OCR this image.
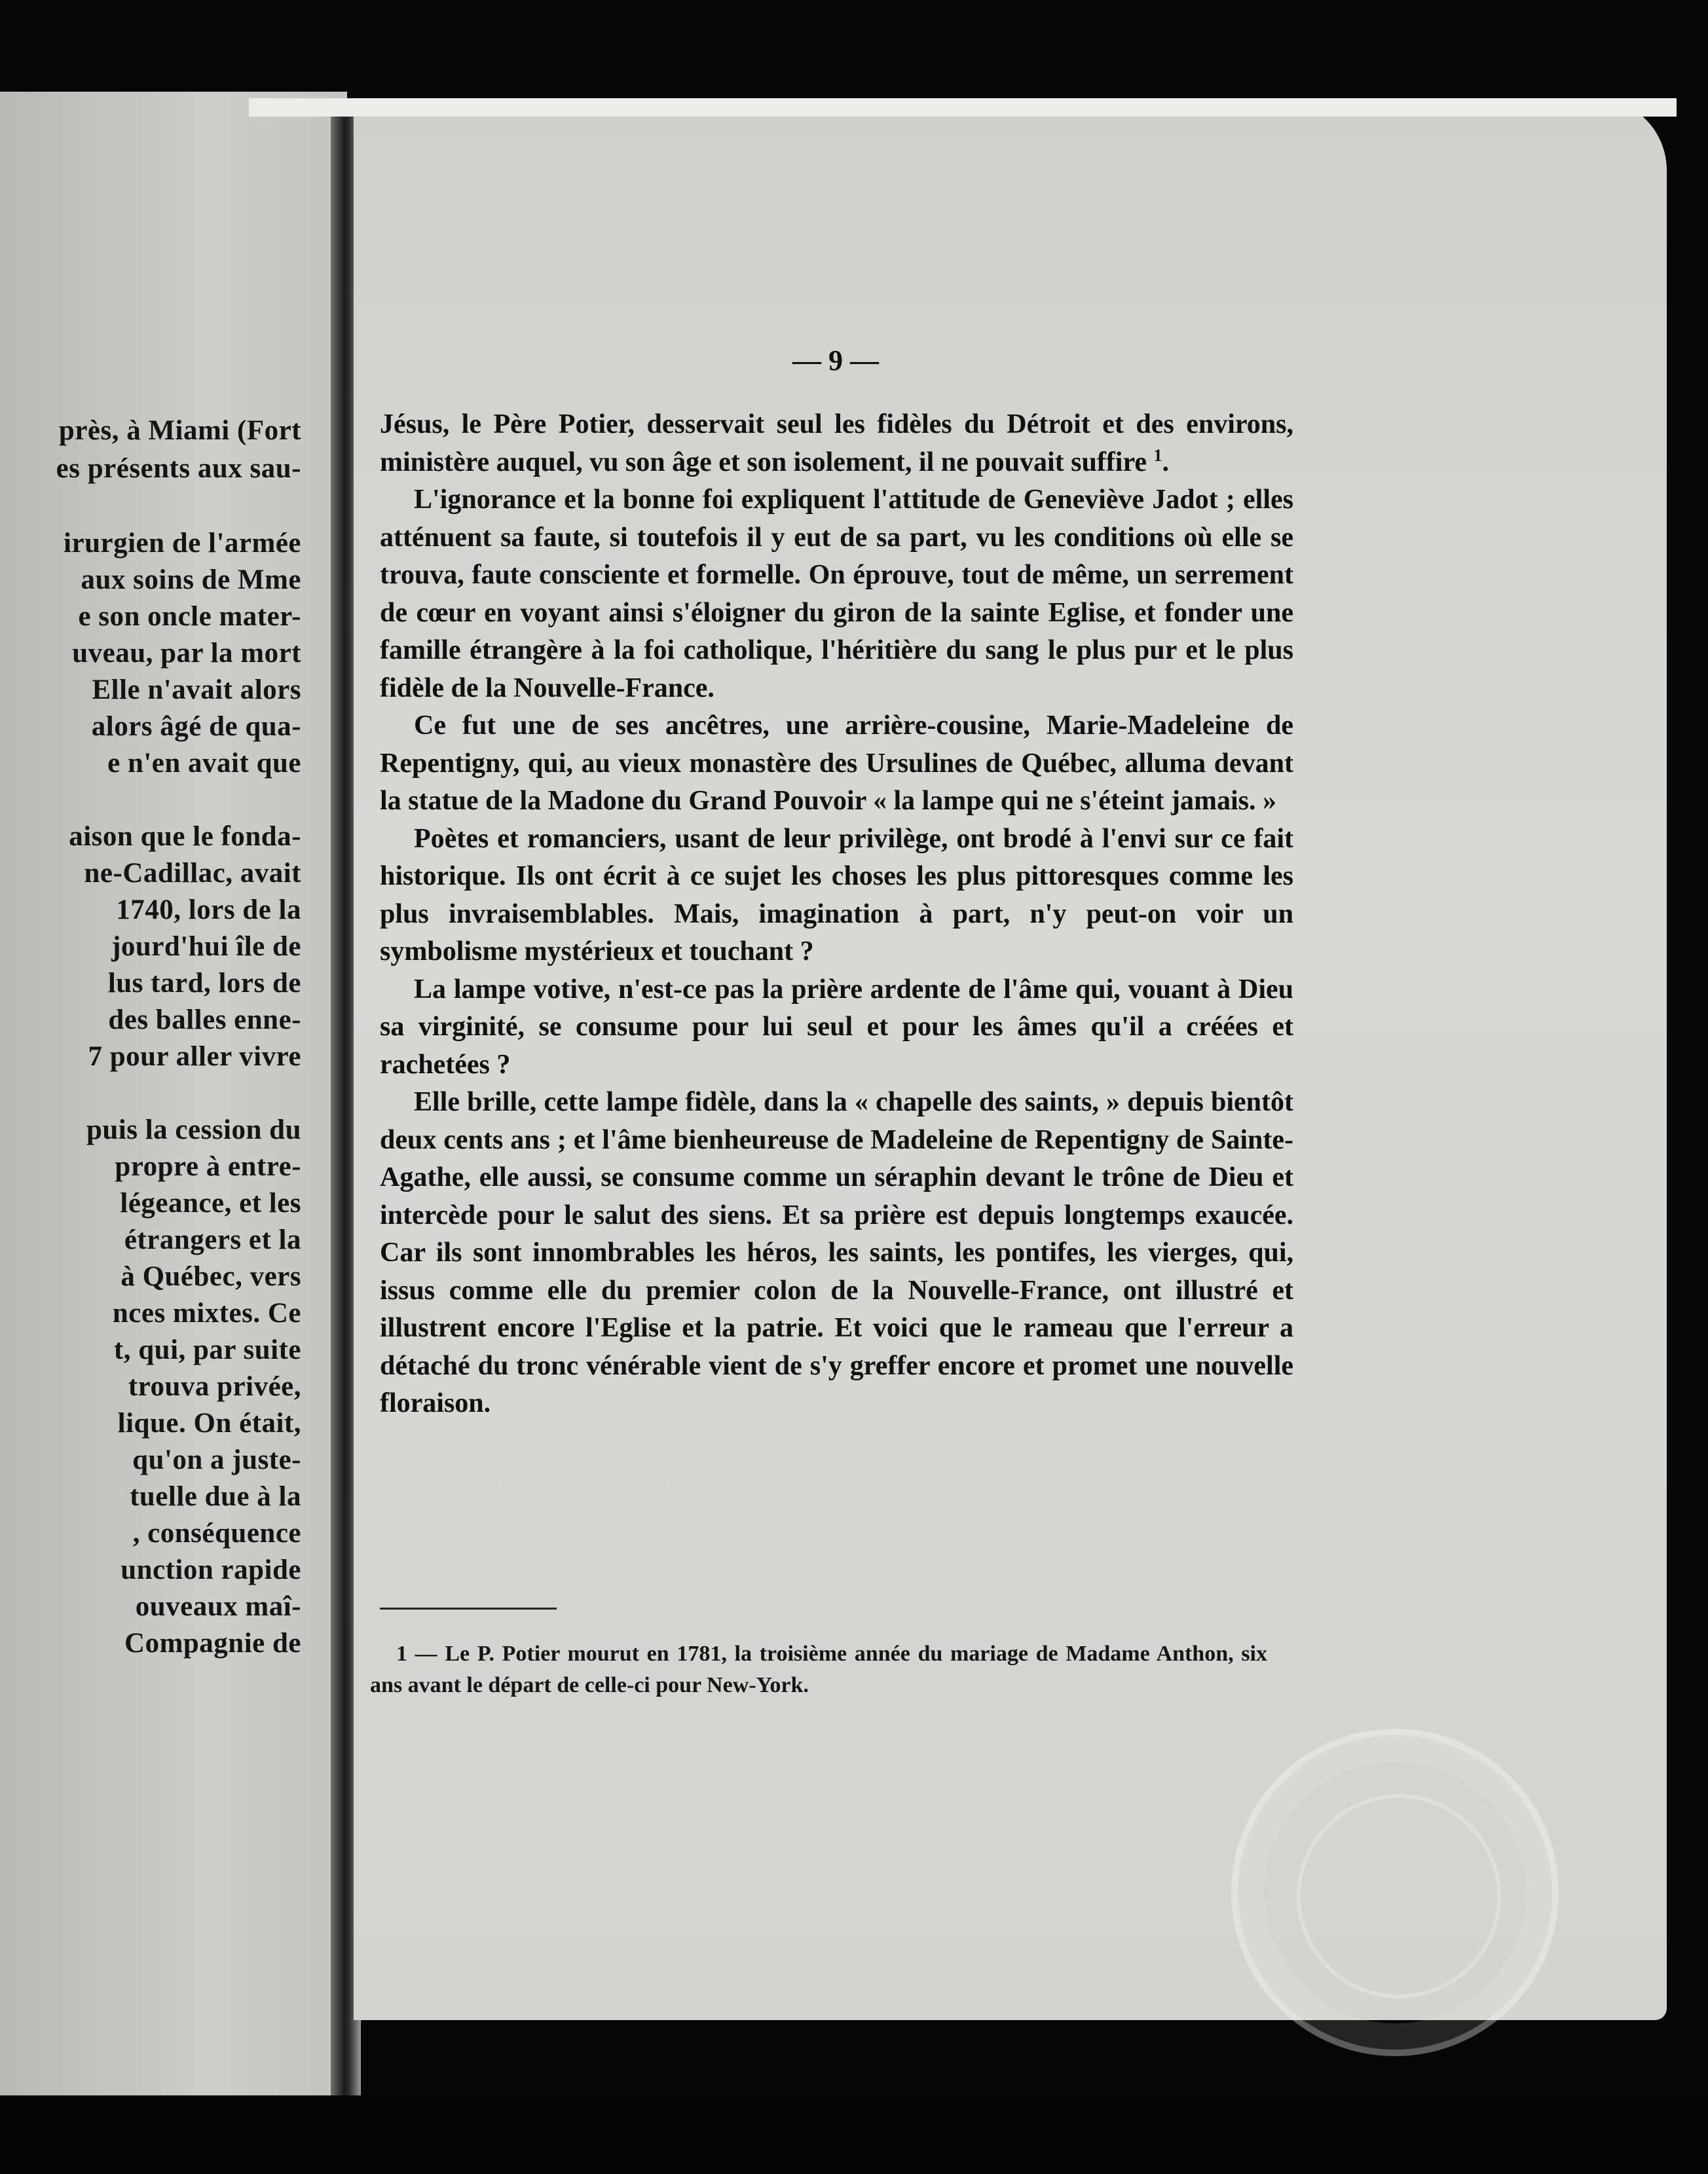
près, à Miami (Fort
es présents aux sau-
irurgien de l'armée
aux soins de Mme
e son oncle mater-
uveau, par la mort
Elle n'avait alors
alors âgé de qua-
e n'en avait que
aison que le fonda-
ne-Cadillac, avait
1740, lors de la
jourd'hui île de
lus tard, lors de
des balles enne-
7 pour aller vivre
puis la cession du
propre à entre-
légeance, et les
étrangers et la
à Québec, vers
nces mixtes. Ce
t, qui, par suite
trouva privée,
lique. On était,
qu'on a juste-
tuelle due à la
, conséquence
unction rapide
ouveaux maî-
Compagnie de
— 9 —

Jésus, le Père Potier, desservait seul les fidèles du Détroit et des environs, ministère auquel, vu son âge et son isolement, il ne pouvait suffire $^1$.

L'ignorance et la bonne foi expliquent l'attitude de Geneviève Jadot ; elles atténuent sa faute, si toutefois il y eut de sa part, vu les conditions où elle se trouva, faute consciente et formelle. On éprouve, tout de même, un serrement de cœur en voyant ainsi s'éloigner du giron de la sainte Eglise, et fonder une famille étrangère à la foi catholique, l'héritière du sang le plus pur et le plus fidèle de la Nouvelle-France.

Ce fut une de ses ancêtres, une arrière-cousine, Marie-Madeleine de Repentigny, qui, au vieux monastère des Ursulines de Québec, alluma devant la statue de la Madone du Grand Pouvoir « la lampe qui ne s'éteint jamais. »

Poètes et romanciers, usant de leur privilège, ont brodé à l'envi sur ce fait historique. Ils ont écrit à ce sujet les choses les plus pittoresques comme les plus invraisemblables. Mais, imagination à part, n'y peut-on voir un symbolisme mystérieux et touchant ?

La lampe votive, n'est-ce pas la prière ardente de l'âme qui, vouant à Dieu sa virginité, se consume pour lui seul et pour les âmes qu'il a créées et rachetées ?

Elle brille, cette lampe fidèle, dans la « chapelle des saints, » depuis bientôt deux cents ans ; et l'âme bienheureuse de Madeleine de Repentigny de Sainte-Agathe, elle aussi, se consume comme un séraphin devant le trône de Dieu et intercède pour le salut des siens. Et sa prière est depuis longtemps exaucée. Car ils sont innombrables les héros, les saints, les pontifes, les vierges, qui, issus comme elle du premier colon de la Nouvelle-France, ont illustré et illustrent encore l'Eglise et la patrie. Et voici que le rameau que l'erreur a détaché du tronc vénérable vient de s'y greffer encore et promet une nouvelle floraison.

1 — Le P. Potier mourut en 1781, la troisième année du mariage de Madame Anthon, six ans avant le départ de celle-ci pour New-York.
